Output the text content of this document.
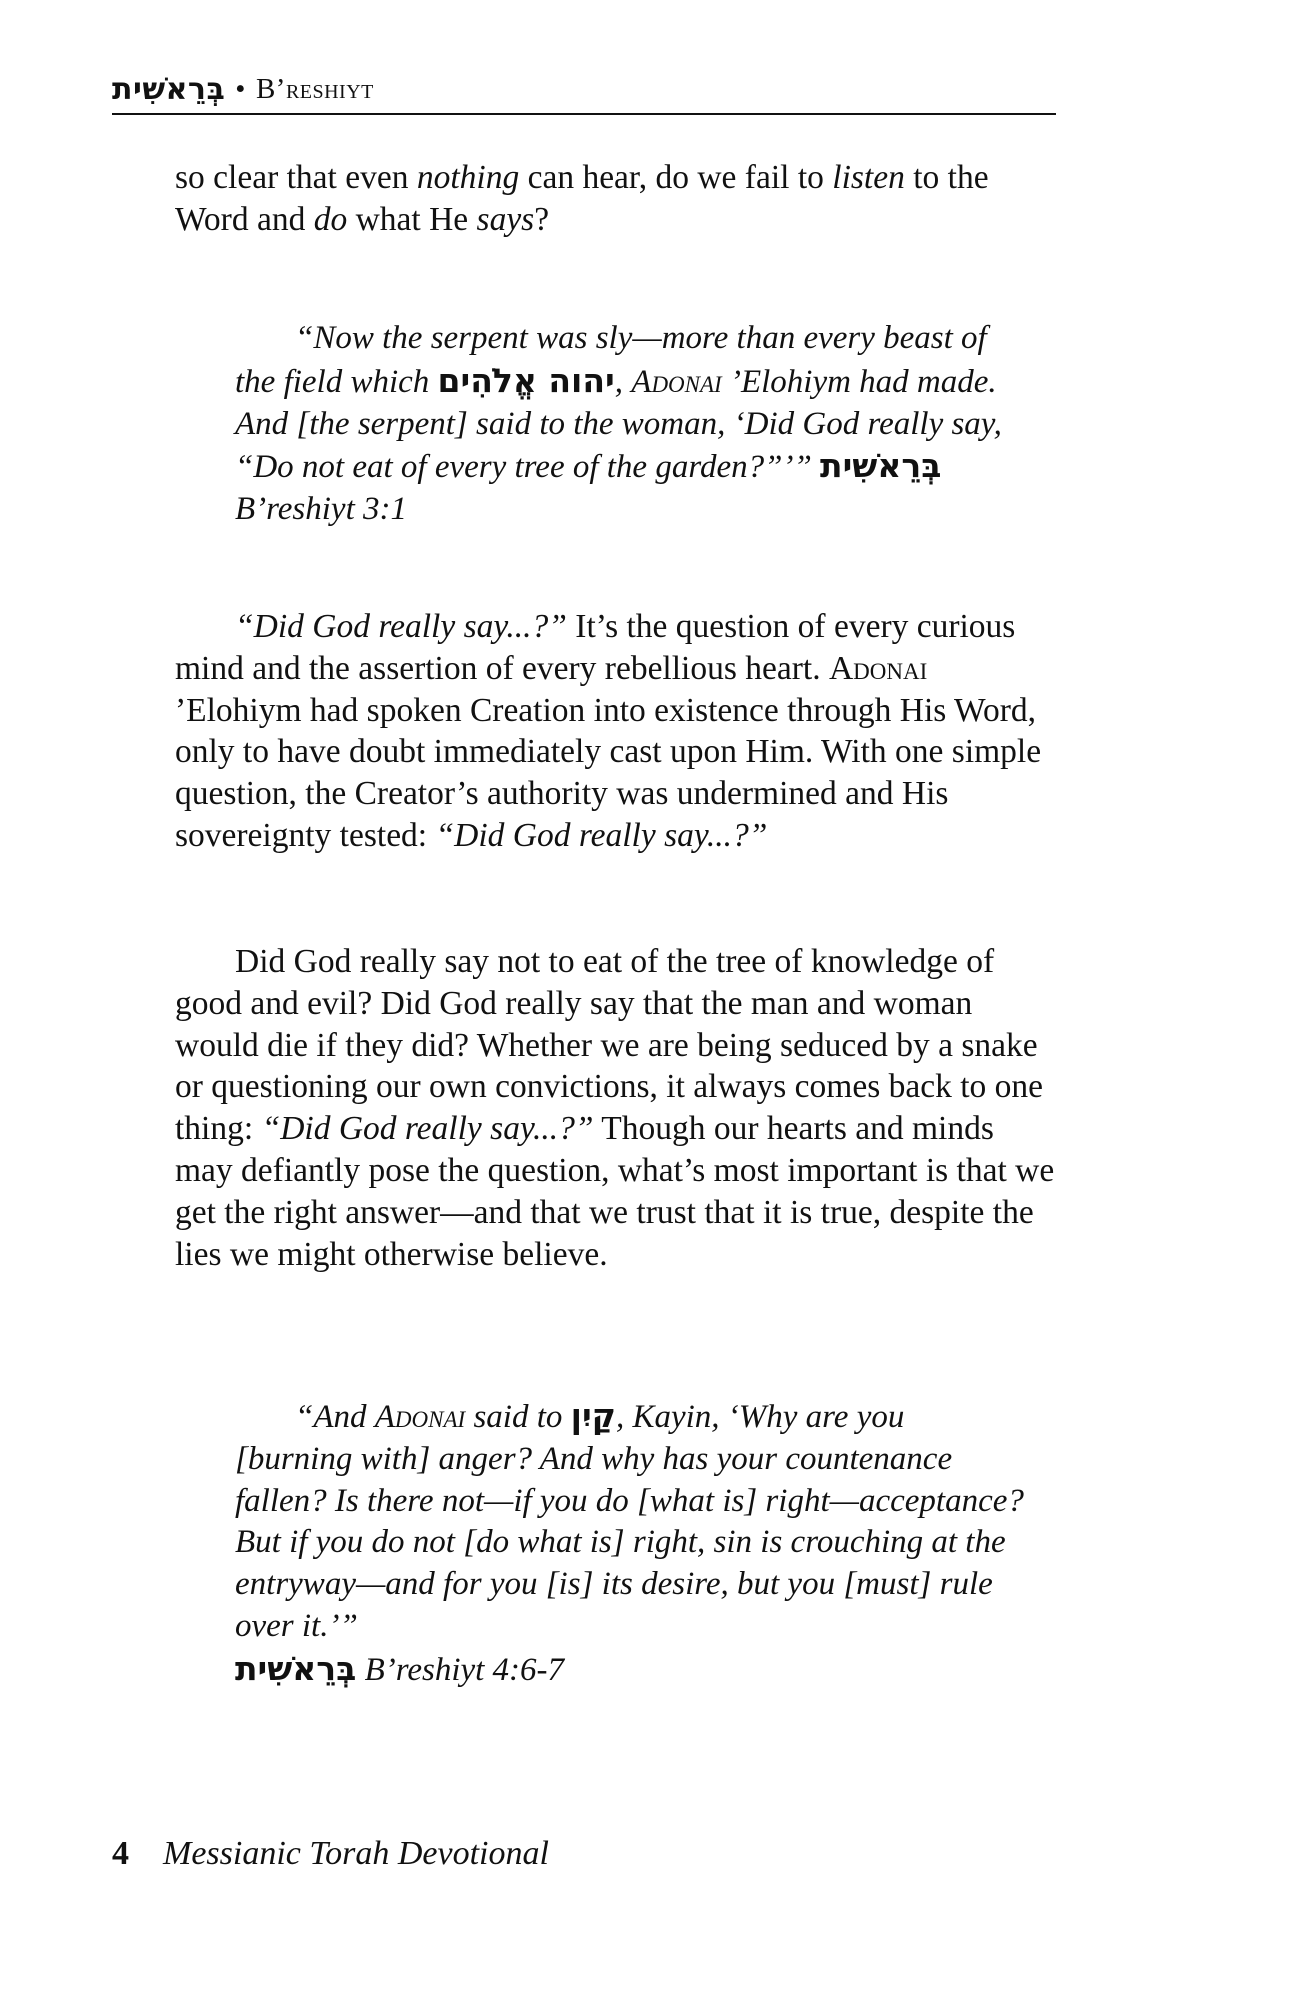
בְּרֵאשִׁית • B’reshiyt

so clear that even nothing can hear, do we fail to listen to the Word and do what He says?

“Now the serpent was sly—more than every beast of the field which יהוה אֱלֹהִים, Adonai ’Elohiym had made. And [the serpent] said to the woman, ‘Did God really say, “Do not eat of every tree of the garden?”’” בְּרֵאשִׁית B’reshiyt 3:1

“Did God really say...?” It’s the question of every curious mind and the assertion of every rebellious heart. Adonai ’Elohiym had spoken Creation into existence through His Word, only to have doubt immediately cast upon Him. With one simple question, the Creator’s authority was undermined and His sovereignty tested: “Did God really say...?”

Did God really say not to eat of the tree of knowledge of good and evil? Did God really say that the man and woman would die if they did? Whether we are being seduced by a snake or questioning our own convictions, it always comes back to one thing: “Did God really say...?” Though our hearts and minds may defiantly pose the question, what’s most important is that we get the right answer—and that we trust that it is true, despite the lies we might otherwise believe.

“And Adonai said to קַיִן, Kayin, ‘Why are you [burning with] anger? And why has your countenance fallen? Is there not—if you do [what is] right—acceptance? But if you do not [do what is] right, sin is crouching at the entryway—and for you [is] its desire, but you [must] rule over it.’”

בְּרֵאשִׁית B’reshiyt 4:6-7

4 Messianic Torah Devotional
